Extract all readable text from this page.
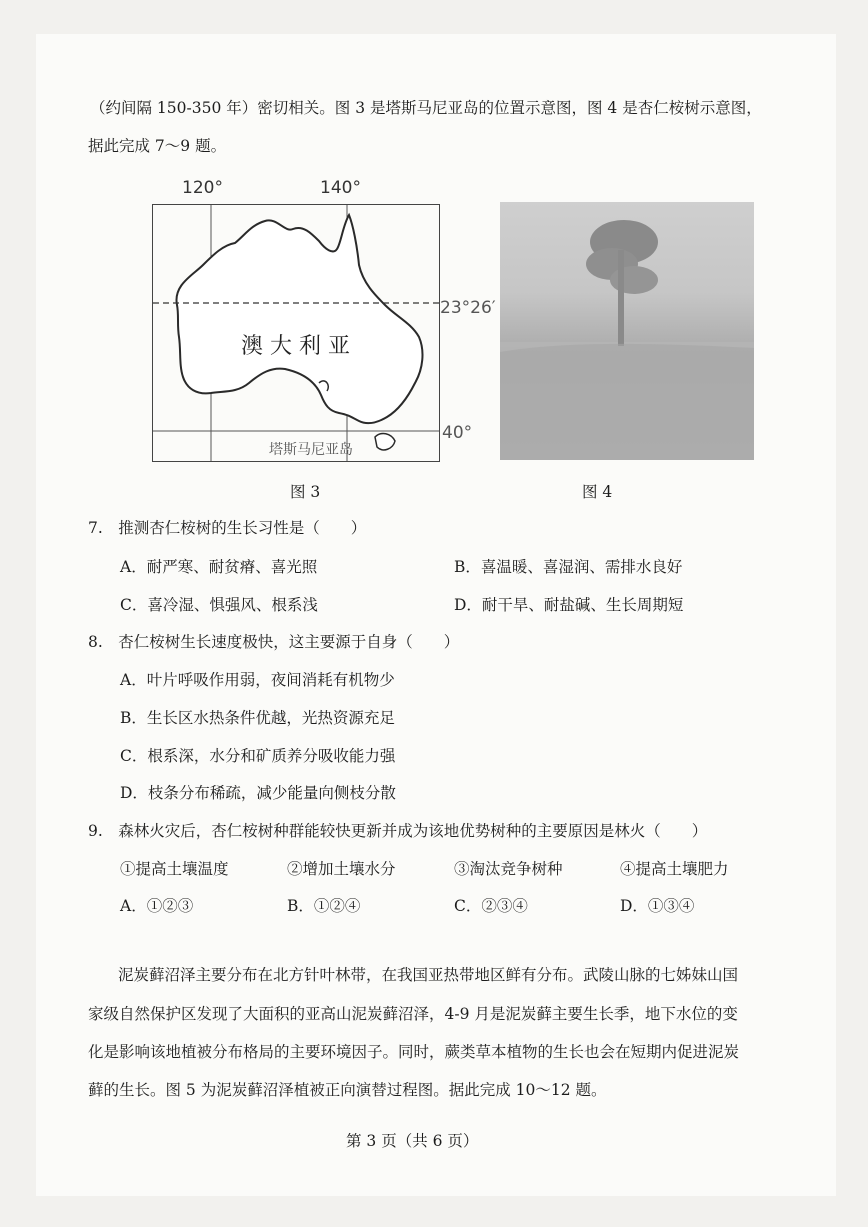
（约间隔 150-350 年）密切相关。图 3 是塔斯马尼亚岛的位置示意图，图 4 是杏仁桉树示意图，
据此完成 7～9 题。
120°	140°
澳 大 利 亚
塔斯马尼亚岛
23°26′
40°
图 3	图 4
7.　推测杏仁桉树的生长习性是（　　）
A．耐严寒、耐贫瘠、喜光照	B．喜温暖、喜湿润、需排水良好
C．喜冷湿、惧强风、根系浅	D．耐干旱、耐盐碱、生长周期短
8.　杏仁桉树生长速度极快，这主要源于自身（　　）
A．叶片呼吸作用弱，夜间消耗有机物少
B．生长区水热条件优越，光热资源充足
C．根系深，水分和矿质养分吸收能力强
D．枝条分布稀疏，减少能量向侧枝分散
9.　森林火灾后，杏仁桉树种群能较快更新并成为该地优势树种的主要原因是林火（　　）
①提高土壤温度	②增加土壤水分	③淘汰竞争树种	④提高土壤肥力
A．①②③	B．①②④	C．②③④	D．①③④
泥炭藓沼泽主要分布在北方针叶林带，在我国亚热带地区鲜有分布。武陵山脉的七姊妹山国
家级自然保护区发现了大面积的亚高山泥炭藓沼泽，4-9 月是泥炭藓主要生长季，地下水位的变
化是影响该地植被分布格局的主要环境因子。同时，蕨类草本植物的生长也会在短期内促进泥炭
藓的生长。图 5 为泥炭藓沼泽植被正向演替过程图。据此完成 10～12 题。
第 3 页（共 6 页）
